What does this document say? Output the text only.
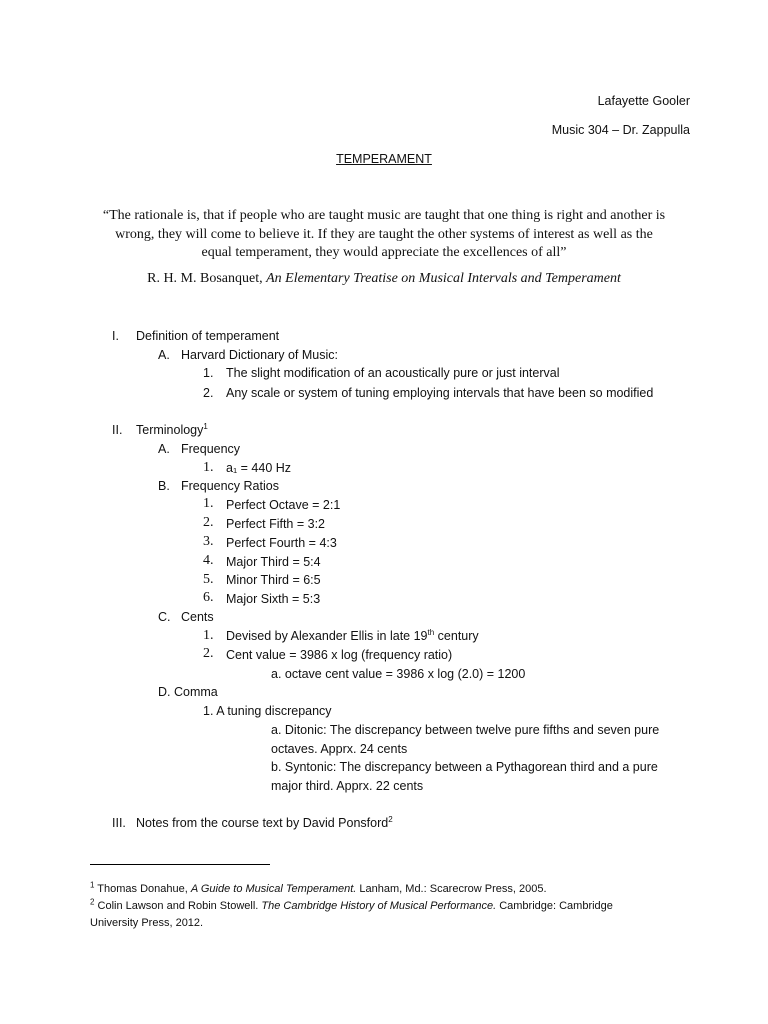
Lafayette Gooler
Music 304 – Dr. Zappulla
TEMPERAMENT
“The rationale is, that if people who are taught music are taught that one thing is right and another is wrong, they will come to believe it. If they are taught the other systems of interest as well as the equal temperament, they would appreciate the excellences of all”
R. H. M. Bosanquet, An Elementary Treatise on Musical Intervals and Temperament
I. Definition of temperament
A. Harvard Dictionary of Music:
1. The slight modification of an acoustically pure or just interval
2. Any scale or system of tuning employing intervals that have been so modified
II. Terminology$^1$
A. Frequency
1. a₁ = 440 Hz
B. Frequency Ratios
1. Perfect Octave = 2:1
2. Perfect Fifth = 3:2
3. Perfect Fourth = 4:3
4. Major Third = 5:4
5. Minor Third = 6:5
6. Major Sixth = 5:3
C. Cents
1. Devised by Alexander Ellis in late 19th century
2. Cent value = 3986 x log (frequency ratio)
a. octave cent value = 3986 x log (2.0) = 1200
D. Comma
1. A tuning discrepancy
a. Ditonic: The discrepancy between twelve pure fifths and seven pure
octaves. Apprx. 24 cents
b. Syntonic: The discrepancy between a Pythagorean third and a pure
major third. Apprx. 22 cents
III. Notes from the course text by David Ponsford$^2$
$^1$ Thomas Donahue, A Guide to Musical Temperament. Lanham, Md.: Scarecrow Press, 2005.
$^2$ Colin Lawson and Robin Stowell. The Cambridge History of Musical Performance. Cambridge: Cambridge
University Press, 2012.
